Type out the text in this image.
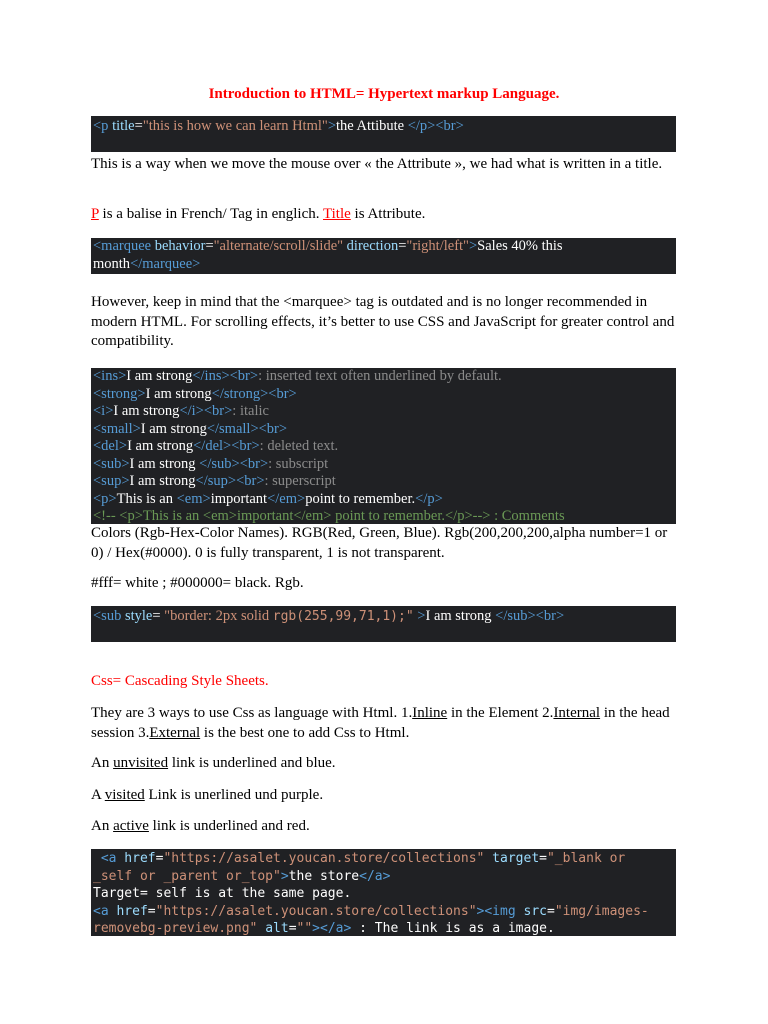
Introduction to HTML= Hypertext markup Language.
<p title="this is how we can learn Html">the Attibute </p><br>
This is a way when we move the mouse over « the Attribute », we had what is written in a title.
P is a balise in French/ Tag in englich. Title is Attribute.
<marquee behavior="alternate/scroll/slide" direction="right/left">Sales 40% this
month</marquee>
However, keep in mind that the <marquee> tag is outdated and is no longer recommended in modern HTML. For scrolling effects, it’s better to use CSS and JavaScript for greater control and compatibility.
<ins>I am strong</ins><br>: inserted text often underlined by default.
<strong>I am strong</strong><br>
<i>I am strong</i><br>: italic
<small>I am strong</small><br>
<del>I am strong</del><br>: deleted text.
<sub>I am strong </sub><br>: subscript
<sup>I am strong</sup><br>: superscript
<p>This is an <em>important</em>point to remember.</p>
<!-- <p>This is an <em>important</em> point to remember.</p>--> : Comments
Colors (Rgb-Hex-Color Names). RGB(Red, Green, Blue). Rgb(200,200,200,alpha number=1 or 0) / Hex(#0000). 0 is fully transparent, 1 is not transparent.
#fff= white ; #000000= black. Rgb.
<sub style= "border: 2px solid rgb(255,99,71,1);" >I am strong </sub><br>
Css= Cascading Style Sheets.
They are 3 ways to use Css as language with Html. 1.Inline in the Element 2.Internal in the head session 3.External is the best one to add Css to Html.
An unvisited link is underlined and blue.
A visited Link is unerlined und purple.
An active link is underlined and red.
<a href="https://asalet.youcan.store/collections" target="_blank or
_self or _parent or_top">the store</a>
Target= self is at the same page.
<a href="https://asalet.youcan.store/collections"><img src="img/images-
removebg-preview.png" alt=""></a> : The link is as a image.
